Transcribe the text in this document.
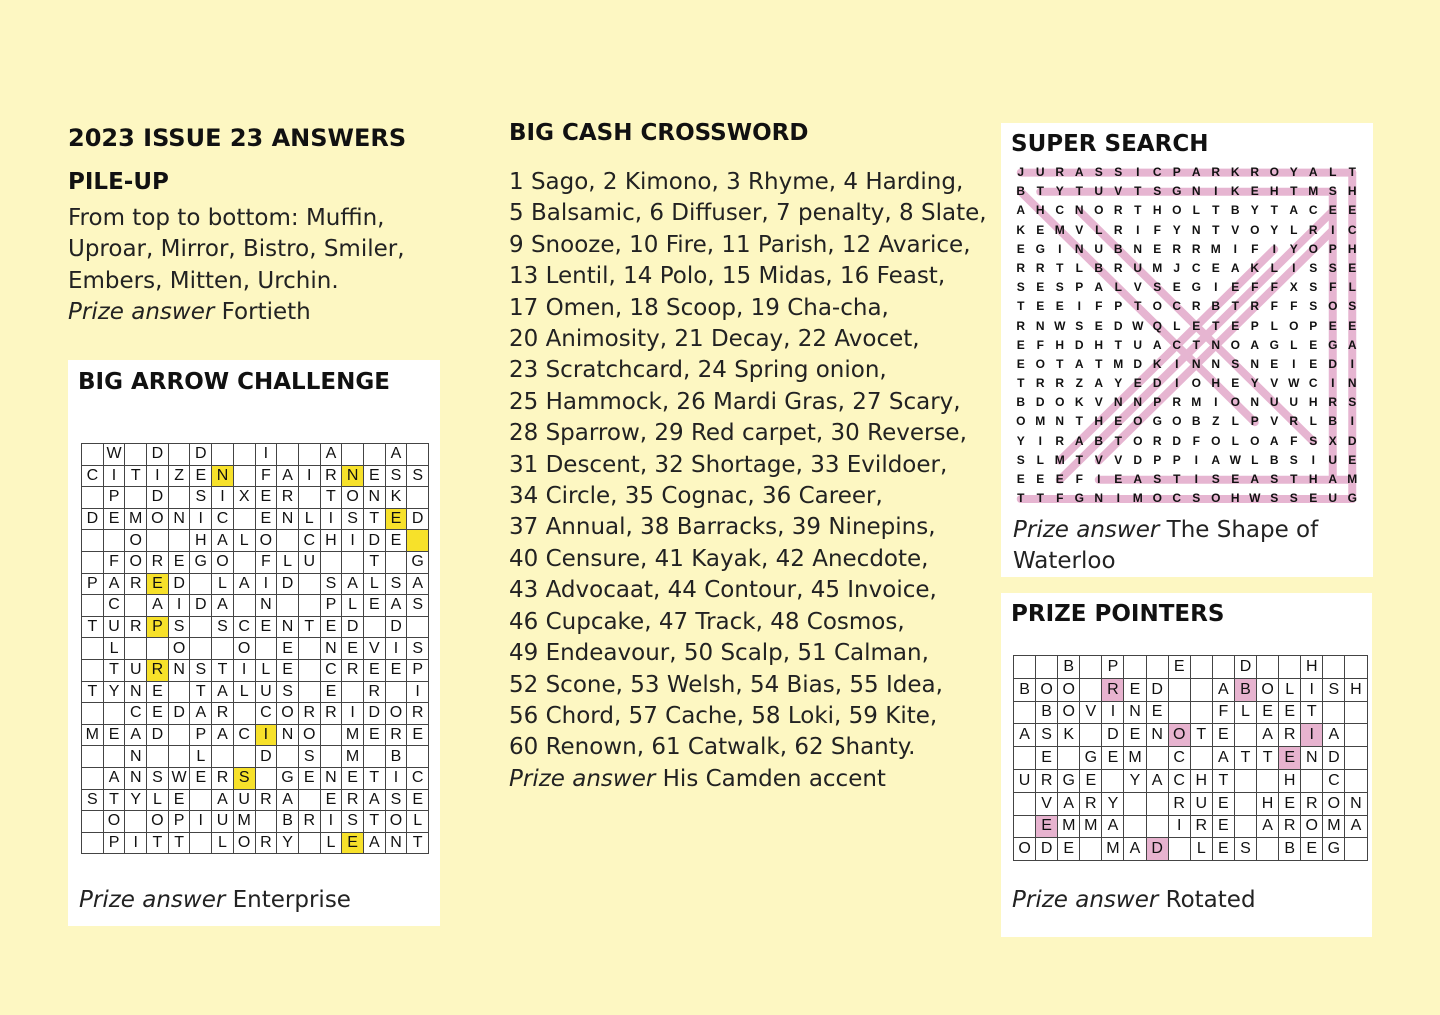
2023 ISSUE 23 ANSWERS
PILE-UP
From top to bottom: Muffin,
Uproar, Mirror, Bistro, Smiler,
Embers, Mitten, Urchin.
Prize answer Fortieth
BIG ARROW CHALLENGE
	W		D		D			I			A			A	
C	I	T	I	Z	E	N		F	A	I	R	N	E	S	S
	P		D		S	I	X	E	R		T	O	N	K	
D	E	M	O	N	I	C		E	N	L	I	S	T	E	D
		O			H	A	L	O		C	H	I	D	E	
	F	O	R	E	G	O		F	L	U			T		G
P	A	R	E	D		L	A	I	D		S	A	L	S	A
	C		A	I	D	A		N			P	L	E	A	S
T	U	R	P	S		S	C	E	N	T	E	D		D	
	L			O			O		E		N	E	V	I	S
	T	U	R	N	S	T	I	L	E		C	R	E	E	P
T	Y	N	E		T	A	L	U	S		E		R		I
		C	E	D	A	R		C	O	R	R	I	D	O	R
M	E	A	D		P	A	C	I	N	O		M	E	R	E
		N			L			D		S		M		B	
	A	N	S	W	E	R	S		G	E	N	E	T	I	C
S	T	Y	L	E		A	U	R	A		E	R	A	S	E
	O		O	P	I	U	M		B	R	I	S	T	O	L
	P	I	T	T		L	O	R	Y		L	E	A	N	T
Prize answer Enterprise
BIG CASH CROSSWORD
1 Sago, 2 Kimono, 3 Rhyme, 4 Harding,
5 Balsamic, 6 Diffuser, 7 penalty, 8 Slate,
9 Snooze, 10 Fire, 11 Parish, 12 Avarice,
13 Lentil, 14 Polo, 15 Midas, 16 Feast,
17 Omen, 18 Scoop, 19 Cha-cha,
20 Animosity, 21 Decay, 22 Avocet,
23 Scratchcard, 24 Spring onion,
25 Hammock, 26 Mardi Gras, 27 Scary,
28 Sparrow, 29 Red carpet, 30 Reverse,
31 Descent, 32 Shortage, 33 Evildoer,
34 Circle, 35 Cognac, 36 Career,
37 Annual, 38 Barracks, 39 Ninepins,
40 Censure, 41 Kayak, 42 Anecdote,
43 Advocaat, 44 Contour, 45 Invoice,
46 Cupcake, 47 Track, 48 Cosmos,
49 Endeavour, 50 Scalp, 51 Calman,
52 Scone, 53 Welsh, 54 Bias, 55 Idea,
56 Chord, 57 Cache, 58 Loki, 59 Kite,
60 Renown, 61 Catwalk, 62 Shanty.
Prize answer His Camden accent
SUPER SEARCH
J U R A S S I C P A R K R O Y A L T
B T Y T U V T S G N I K E H T M S H
A H C N O R T H O L T B Y T A C E E
K E M V L R I F Y N T V O Y L R I C
E G I N U B N E R R M I F I Y O P H
R R T L B R U M J C E A K L I S S E
S E S P A L V S E G I E F F X S F L
T E E I F P T O C R B T R F F S O S
R N W S E D W Q L E T E P L O P E E
E F H D H T U A C T N O A G L E G A
E O T A T M D K I N N S N E I E D I
T R R Z A Y E D I O H E Y V W C I N
B D O K V N N P R M I O N U U H R S
O M N T H E O G O B Z L P V R L B I
Y I R A B T O R D F O L O A F S X D
S L M T V V D P P I A W L B S I U E
E E E F I E A S T I S E A S T H A M
T T F G N I M O C S O H W S S E U G
Prize answer The Shape of
Waterloo
PRIZE POINTERS
		B		P			E			D			H		
B	O	O		R	E	D			A	B	O	L	I	S	H
	B	O	V	I	N	E			F	L	E	E	T		
A	S	K		D	E	N	O	T	E		A	R	I	A	
	E		G	E	M		C		A	T	T	E	N	D	
U	R	G	E		Y	A	C	H	T			H		C	
	V	A	R	Y			R	U	E		H	E	R	O	N
	E	M	M	A			I	R	E		A	R	O	M	A
O	D	E		M	A	D		L	E	S		B	E	G	
Prize answer Rotated
